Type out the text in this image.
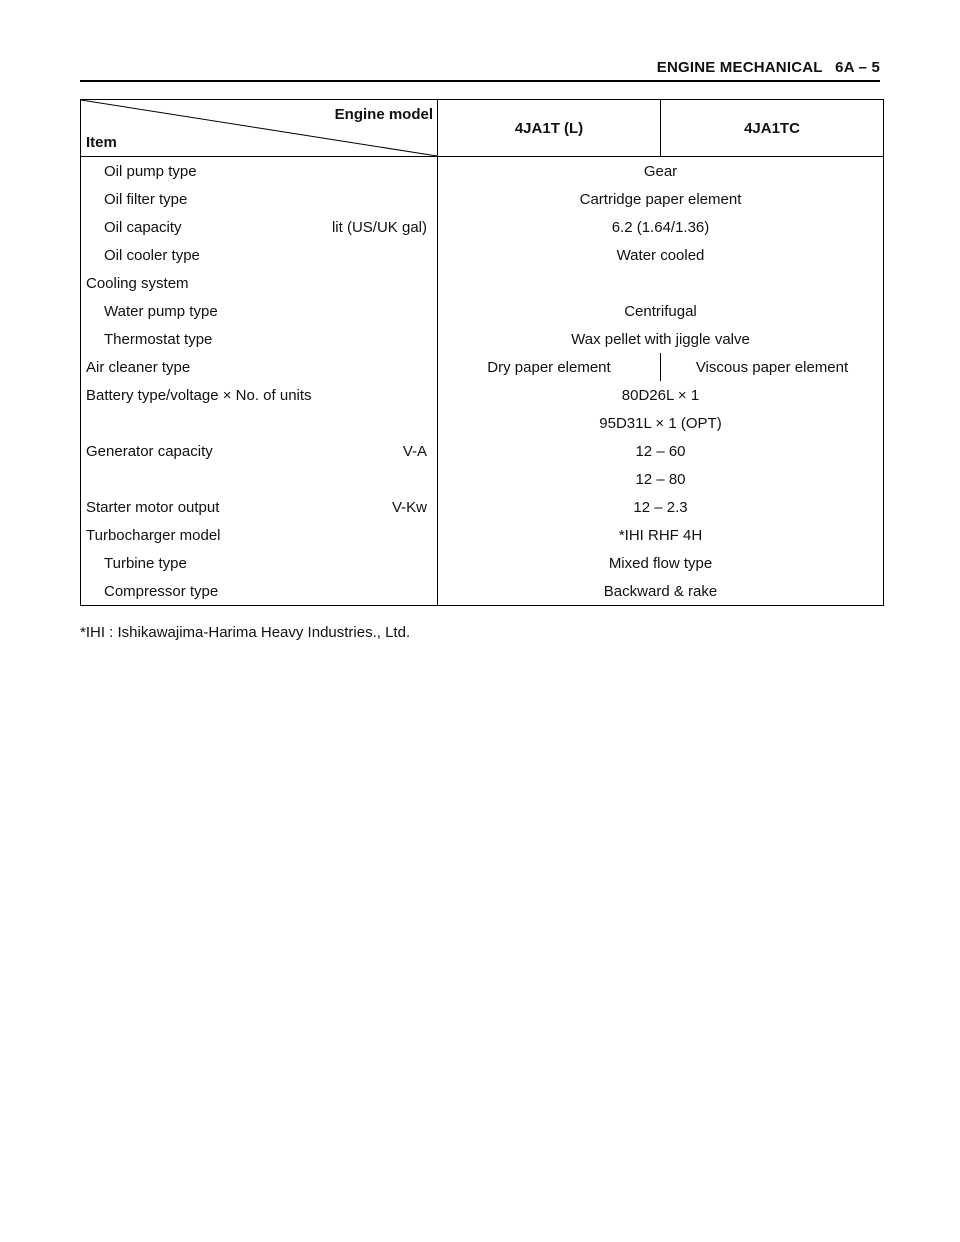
ENGINE MECHANICAL 6A – 5
Engine model
Item	4JA1T (L)	4JA1TC

Oil pump type	Gear	

Oil filter type	Cartridge paper element	

Oil capacity lit (US/UK gal)	6.2 (1.64/1.36)	

Oil cooler type	Water cooled	

Cooling system		

Water pump type	Centrifugal	

Thermostat type	Wax pellet with jiggle valve	

Air cleaner type	Dry paper element	Viscous paper element

Battery type/voltage × No. of units	80D26L × 1	

	95D31L × 1 (OPT)	

Generator capacity V-A	12 – 60	

	12 – 80	

Starter motor output V-Kw	12 – 2.3	

Turbocharger model	*IHI RHF 4H	

Turbine type	Mixed flow type	

Compressor type	Backward & rake	
*IHI : Ishikawajima-Harima Heavy Industries., Ltd.
